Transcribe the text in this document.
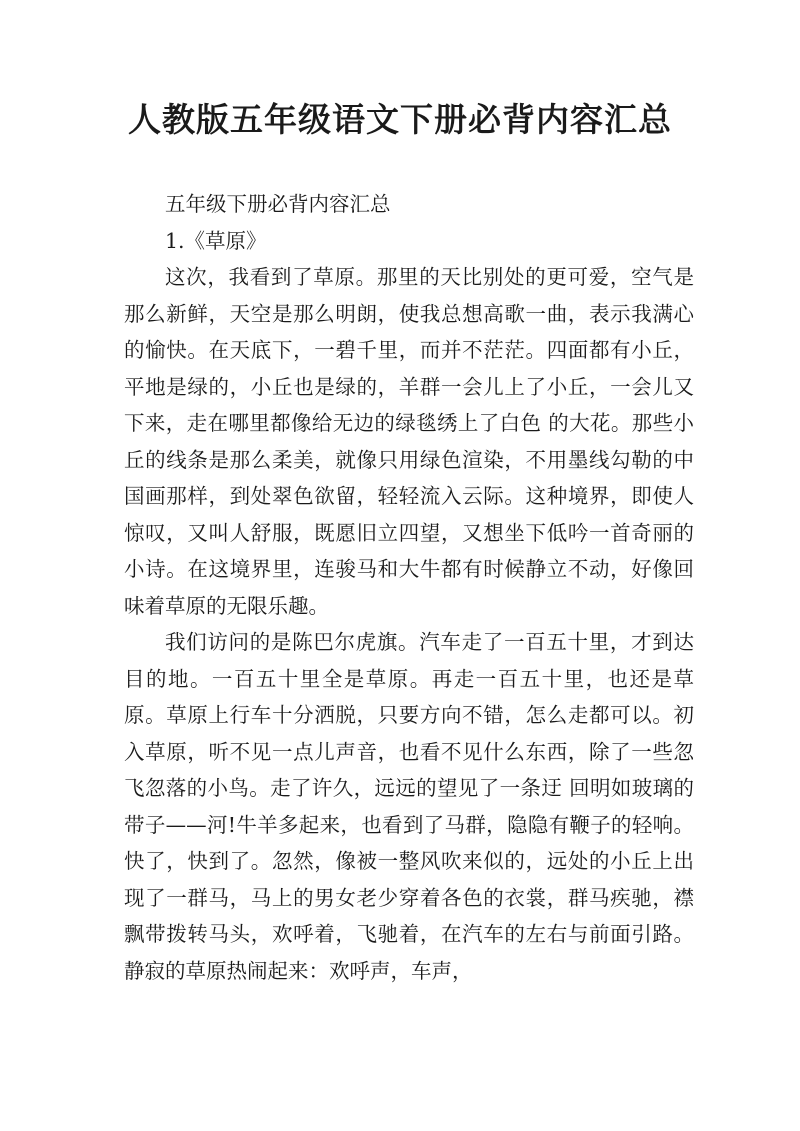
人教版五年级语文下册必背内容汇总

五年级下册必背内容汇总

1.《草原》

这次，我看到了草原。那里的天比别处的更可爱，空气是那么新鲜，天空是那么明朗，使我总想高歌一曲，表示我满心的愉快。在天底下，一碧千里，而并不茫茫。四面都有小丘，平地是绿的，小丘也是绿的，羊群一会儿上了小丘，一会儿又下来，走在哪里都像给无边的绿毯绣上了白色 的大花。那些小丘的线条是那么柔美，就像只用绿色渲染，不用墨线勾勒的中国画那样，到处翠色欲留，轻轻流入云际。这种境界，即使人惊叹，又叫人舒服，既愿旧立四望，又想坐下低吟一首奇丽的小诗。在这境界里，连骏马和大牛都有时候静立不动，好像回味着草原的无限乐趣。

我们访问的是陈巴尔虎旗。汽车走了一百五十里，才到达目的地。一百五十里全是草原。再走一百五十里，也还是草原。草原上行车十分洒脱，只要方向不错，怎么走都可以。初入草原，听不见一点儿声音，也看不见什么东西，除了一些忽飞忽落的小鸟。走了许久，远远的望见了一条迂 回明如玻璃的带子——河!牛羊多起来，也看到了马群，隐隐有鞭子的轻响。快了，快到了。忽然，像被一整风吹来似的，远处的小丘上出现了一群马，马上的男女老少穿着各色的衣裳，群马疾驰，襟飘带拨转马头，欢呼着，飞驰着，在汽车的左右与前面引路。静寂的草原热闹起来：欢呼声，车声，
